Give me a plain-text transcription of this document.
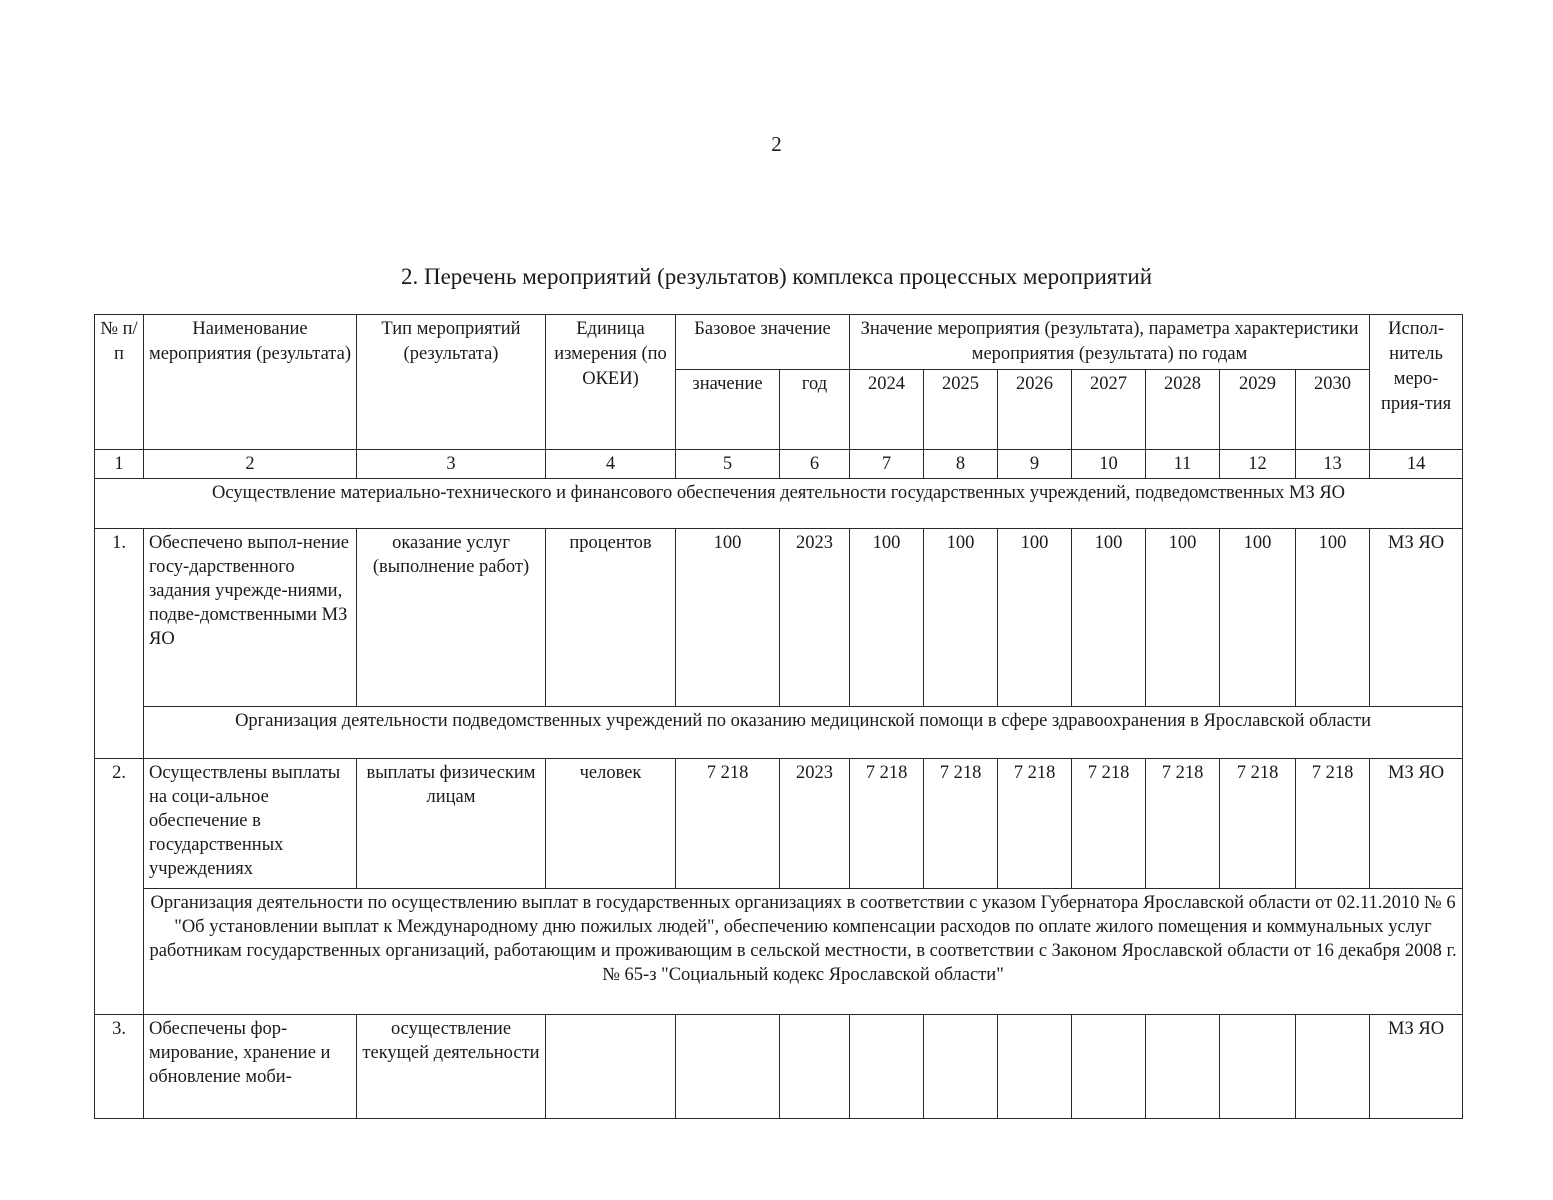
2
2. Перечень мероприятий (результатов) комплекса процессных мероприятий
№ п/п	Наименование мероприятия (результата)	Тип мероприятий (результата)	Единица измерения (по ОКЕИ)	Базовое значение		Значение мероприятия (результата), параметра характеристики мероприятия (результата) по годам							Испол-нитель меро-прия-тия
				значение	год	2024	2025	2026	2027	2028	2029	2030	
1	2	3	4	5	6	7	8	9	10	11	12	13	14
Осуществление материально-технического и финансового обеспечения деятельности государственных учреждений, подведомственных МЗ ЯО													
1.	Обеспечено выпол-нение госу-дарственного задания учрежде-ниями, подве-домственными МЗ ЯО	оказание услуг (выполнение работ)	процентов	100	2023	100	100	100	100	100	100	100	МЗ ЯО
	Организация деятельности подведомственных учреждений по оказанию медицинской помощи в сфере здравоохранения в Ярославской области												
2.	Осуществлены выплаты на соци-альное обеспечение в государственных учреждениях	выплаты физическим лицам	человек	7 218	2023	7 218	7 218	7 218	7 218	7 218	7 218	7 218	МЗ ЯО
	Организация деятельности по осуществлению выплат в государственных организациях в соответствии с указом Губернатора Ярославской области от 02.11.2010 № 6 "Об установлении выплат к Международному дню пожилых людей", обеспечению компенсации расходов по оплате жилого помещения и коммунальных услуг работникам государственных организаций, работающим и проживающим в сельской местности, в соответствии с Законом Ярославской области от 16 декабря 2008 г. № 65-з "Социальный кодекс Ярославской области"												
3.	Обеспечены фор-мирование, хранение и обновление моби-	осуществление текущей деятельности											МЗ ЯО
